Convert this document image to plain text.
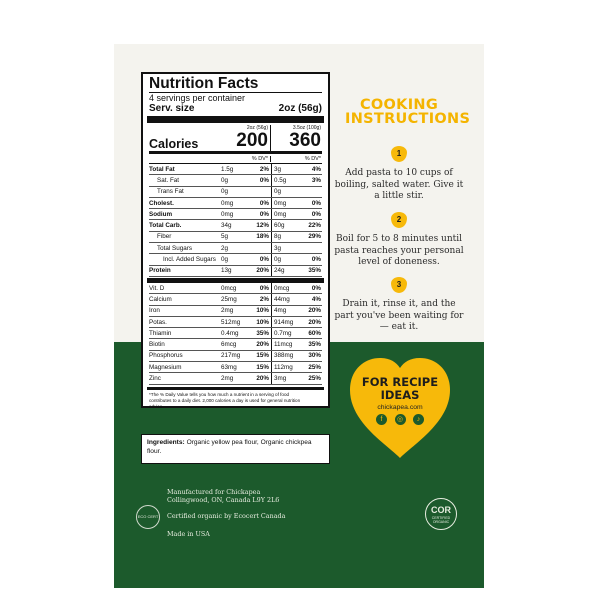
Nutrition Facts
4 servings per container
Serv. size	2oz (56g)
2oz (56g)	3.5oz (100g)
Calories	200	360
% DV*	% DV*
Total Fat	1.5g	2% 3g	4%
Sat. Fat	0g	0% 0.5g	3%
Trans Fat	0g	0g
Cholest.	0mg	0% 0mg	0%
Sodium	0mg	0% 0mg	0%
Total Carb.	34g	12% 60g	22%
Fiber	5g	18% 8g	29%
Total Sugars	2g	3g
Incl. Added Sugars 0g	0% 0g	0%
Protein	13g	20% 24g	35%
Vit. D	0mcg	0% 0mcg	0%
Calcium	25mg	2% 44mg	4%
Iron	2mg	10% 4mg	20%
Potas.	512mg	10% 914mg	20%
Thiamin	0.4mg	35% 0.7mg	60%
Biotin	6mcg	20% 11mcg	35%
Phosphorus	217mg	15% 388mg	30%
Magnesium	63mg	15% 112mg	25%
Zinc	2mg	20% 3mg	25%
*The % Daily Value tells you how much a nutrient in a serving of food contributes to a daily diet. 2,000 calories a day is used for general nutrition advice.
Ingredients: Organic yellow pea flour, Organic chickpea flour.
COOKING
INSTRUCTIONS
1
Add pasta to 10 cups of boiling, salted water. Give it a little stir.
2
Boil for 5 to 8 minutes until pasta reaches your personal level of doneness.
3
Drain it, rinse it, and the part you've been waiting for — eat it.
FOR RECIPE
IDEAS
chickapea.com
f	◎	♪
Manufactured for Chickapea
Collingwood, ON, Canada L9Y 2L6
ECO CERT Certified organic by Ecocert Canada
Made in USA
COR
CERTIFIED ORGANIC
